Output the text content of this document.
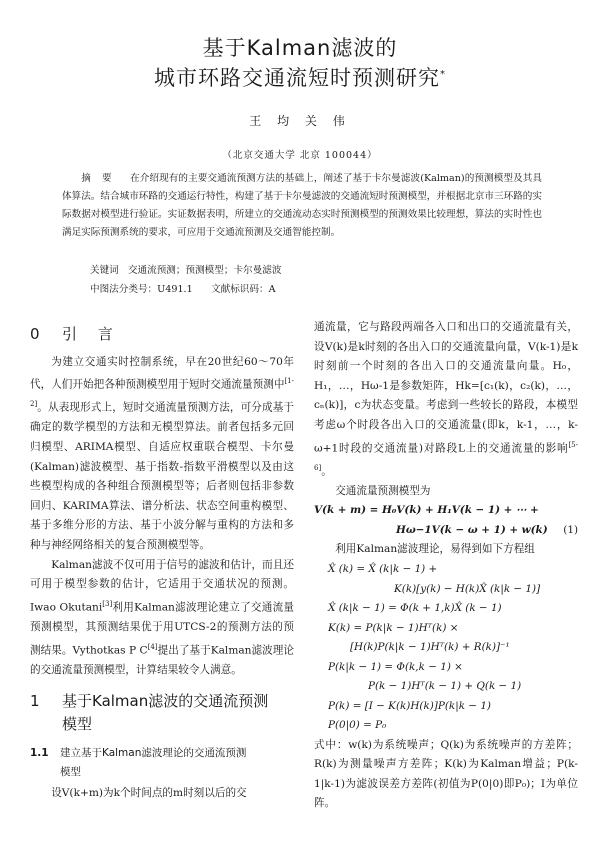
基于Kalman滤波的
城市环路交通流短时预测研究*
王 均 关 伟
（北京交通大学 北京 100044）
摘 要 在介绍现有的主要交通流预测方法的基础上，阐述了基于卡尔曼滤波(Kalman)的预测模型及其具体算法。结合城市环路的交通运行特性，构建了基于卡尔曼滤波的交通流短时预测模型，并根据北京市三环路的实际数据对模型进行验证。实证数据表明，所建立的交通流动态实时预测模型的预测效果比较理想，算法的实时性也满足实际预测系统的要求，可应用于交通流预测及交通智能控制。
关键词 交通流预测；预测模型；卡尔曼滤波
中图法分类号：U491.1 文献标识码：A
0 引 言

为建立交通实时控制系统，早在20世纪60～70年代，人们开始把各种预测模型用于短时交通流量预测中[1-2]。从表现形式上，短时交通流量预测方法，可分成基于确定的数学模型的方法和无模型算法。前者包括多元回归模型、ARIMA模型、自适应权重联合模型、卡尔曼(Kalman)滤波模型、基于指数-指数平滑模型以及由这些模型构成的各种组合预测模型等；后者则包括非参数回归、KARIMA算法、谱分析法、状态空间重构模型、基于多维分形的方法、基于小波分解与重构的方法和多种与神经网络相关的复合预测模型等。

Kalman滤波不仅可用于信号的滤波和估计，而且还可用于模型参数的估计，它适用于交通状况的预测。Iwao Okutani[3]利用Kalman滤波理论建立了交通流量预测模型，其预测结果优于用UTCS-2的预测方法的预测结果。Vythotkas P C[4]提出了基于Kalman滤波理论的交通流量预测模型，计算结果较令人满意。

1 基于Kalman滤波的交通流预测
模型
1.1 建立基于Kalman滤波理论的交通流预测
模型

设V(k+m)为k个时间点的m时刻以后的交

通流量，它与路段两端各入口和出口的交通流量有关，设V(k)是k时刻的各出入口的交通流量向量，V(k-1)是k时刻前一个时刻的各出入口的交通流量向量。H₀，H₁，…，Hω-1是参数矩阵，Hk=[c₁(k)，c₂(k)，…，cₙ(k)]，c为状态变量。考虑到一些较长的路段，本模型考虑ω个时段各出入口的交通流量(即k，k-1，…，k-ω+1时段的交通流量)对路段L上的交通流量的影响[5-6]。

交通流量预测模型为

V(k + m) = H₀V(k) + H₁V(k − 1) + ⋯ +
Hω−1V(k − ω + 1) + w(k) (1)

利用Kalman滤波理论，易得到如下方程组

X̂ (k) = X̂ (k|k − 1) +
K(k)[y(k) − H(k)X̂ (k|k − 1)]
X̂ (k|k − 1) = Φ(k + 1,k)X̂ (k − 1)
K(k) = P(k|k − 1)Hᵀ(k) ×
[H(k)P(k|k − 1)Hᵀ(k) + R(k)]⁻¹
P(k|k − 1) = Φ(k,k − 1) ×
P(k − 1)Hᵀ(k − 1) + Q(k − 1)
P(k) = [I − K(k)H(k)]P(k|k − 1)
P(0|0) = P₀

式中：w(k)为系统噪声；Q(k)为系统噪声的方差阵；R(k)为测量噪声方差阵；K(k)为Kalman增益；P(k-1|k-1)为滤波误差方差阵(初值为P(0|0)即P₀)；I为单位阵。
